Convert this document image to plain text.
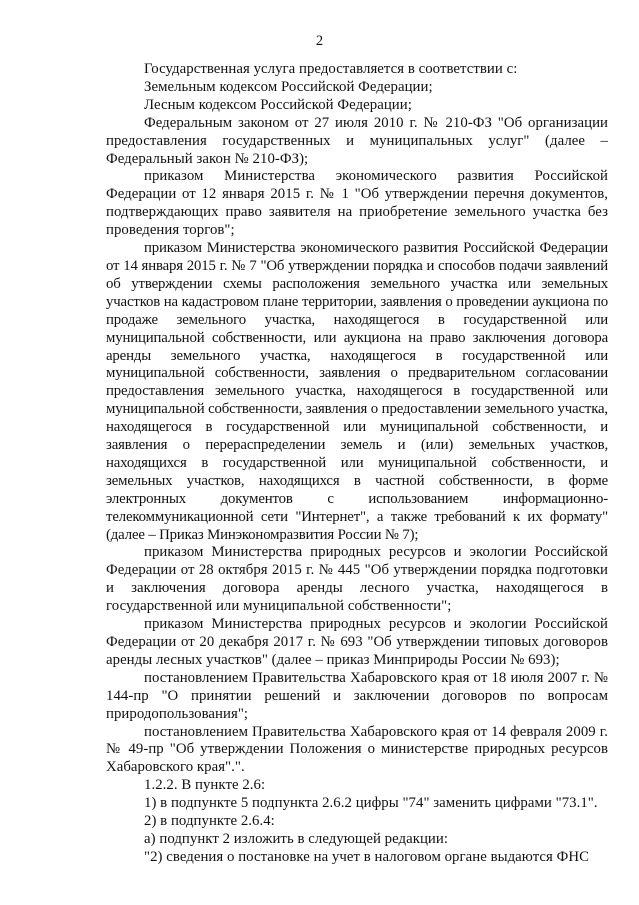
2

Государственная услуга предоставляется в соответствии с:

Земельным кодексом Российской Федерации;

Лесным кодексом Российской Федерации;

Федеральным законом от 27 июля 2010 г. № 210-ФЗ "Об организации предоставления государственных и муниципальных услуг" (далее – Федеральный закон № 210-ФЗ);

приказом Министерства экономического развития Российской Федерации от 12 января 2015 г. № 1 "Об утверждении перечня документов, подтверждающих право заявителя на приобретение земельного участка без проведения торгов";

приказом Министерства экономического развития Российской Федерации от 14 января 2015 г. № 7 "Об утверждении порядка и способов подачи заявлений об утверждении схемы расположения земельного участка или земельных участков на кадастровом плане территории, заявления о проведении аукциона по продаже земельного участка, находящегося в государственной или муниципальной собственности, или аукциона на право заключения договора аренды земельного участка, находящегося в государственной или муниципальной собственности, заявления о предварительном согласовании предоставления земельного участка, находящегося в государственной или муниципальной собственности, заявления о предоставлении земельного участка, находящегося в государственной или муниципальной собственности, и заявления о перераспределении земель и (или) земельных участков, находящихся в государственной или муниципальной собственности, и земельных участков, находящихся в частной собственности, в форме электронных документов с использованием информационно-телекоммуникационной сети "Интернет", а также требований к их формату" (далее – Приказ Минэкономразвития России № 7);

приказом Министерства природных ресурсов и экологии Российской Федерации от 28 октября 2015 г. № 445 "Об утверждении порядка подготовки и заключения договора аренды лесного участка, находящегося в государственной или муниципальной собственности";

приказом Министерства природных ресурсов и экологии Российской Федерации от 20 декабря 2017 г. № 693 "Об утверждении типовых договоров аренды лесных участков" (далее – приказ Минприроды России № 693);

постановлением Правительства Хабаровского края от 18 июля 2007 г. № 144-пр "О принятии решений и заключении договоров по вопросам природопользования";

постановлением Правительства Хабаровского края от 14 февраля 2009 г. № 49-пр "Об утверждении Положения о министерстве природных ресурсов Хабаровского края".".

1.2.2. В пункте 2.6:

1) в подпункте 5 подпункта 2.6.2 цифры "74" заменить цифрами "73.1".

2) в подпункте 2.6.4:

а) подпункт 2 изложить в следующей редакции:

"2) сведения о постановке на учет в налоговом органе выдаются ФНС
